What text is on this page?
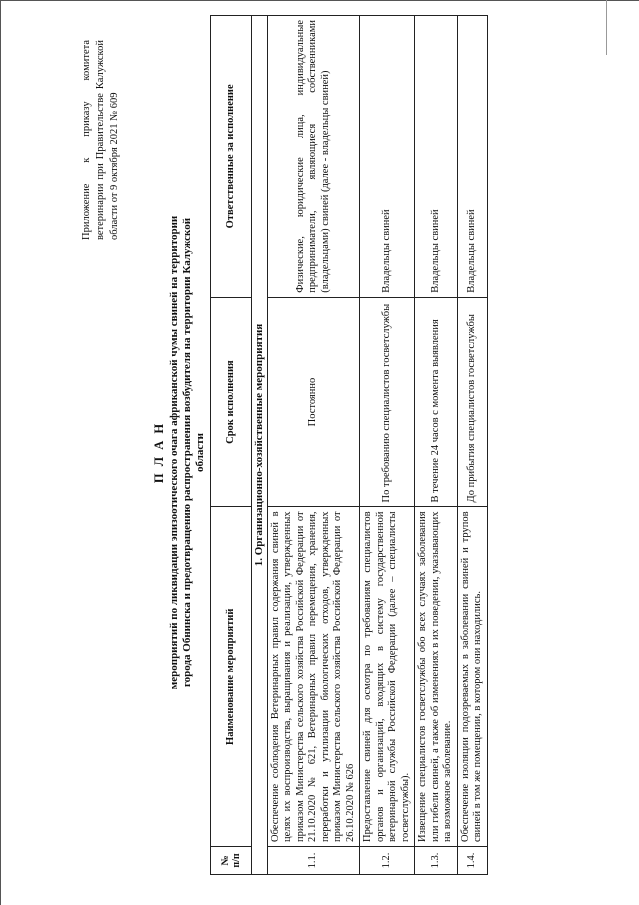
Приложение к приказу комитета ветеринарии при Правительстве Калужской области от 9 октября 2021 № 609
П Л А Н мероприятий по ликвидации эпизоотического очага африканской чумы свиней на территории города Обнинска и предотвращению распространения возбудителя на территории Калужской области
№ п/п	Наименование мероприятий	Срок исполнения	Ответственные за исполнение
1. Организационно-хозяйственные мероприятия			
1.1.	Обеспечение соблюдения Ветеринарных правил содержания свиней в целях их воспроизводства, выращивания и реализации, утвержденных приказом Министерства сельского хозяйства Российской Федерации от 21.10.2020 № 621, Ветеринарных правил перемещения, хранения, переработки и утилизации биологических отходов, утвержденных приказом Министерства сельского хозяйства Российской Федерации от 26.10.2020 № 626	Постоянно	Физические, юридические лица, индивидуальные предприниматели, являющиеся собственниками (владельцами) свиней (далее - владельцы свиней)
1.2.	Предоставление свиней для осмотра по требованиям специалистов органов и организаций, входящих в систему государственной ветеринарной службы Российской Федерации (далее – специалисты госветслужбы).	По требованию специалистов госветслужбы	Владельцы свиней
1.3.	Извещение специалистов госветслужбы обо всех случаях заболевания или гибели свиней, а также об изменениях в их поведении, указывающих на возможное заболевание.	В течение 24 часов с момента выявления	Владельцы свиней
1.4.	Обеспечение изоляции подозреваемых в заболевании свиней и трупов свиней в том же помещении, в котором они находились.	До прибытия специалистов госветслужбы	Владельцы свиней
